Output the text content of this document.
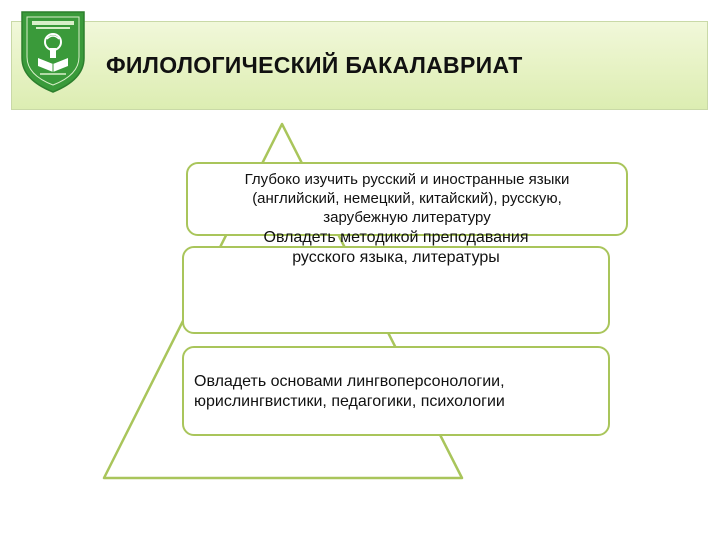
ФИЛОЛОГИЧЕСКИЙ БАКАЛАВРИАТ
Глубоко изучить русский и иностранные языки
(английский, немецкий, китайский), русскую,
зарубежную литературу
Овладеть методикой преподавания
русского языка, литературы
Овладеть основами лингвоперсонологии,
юрислингвистики, педагогики, психологии
